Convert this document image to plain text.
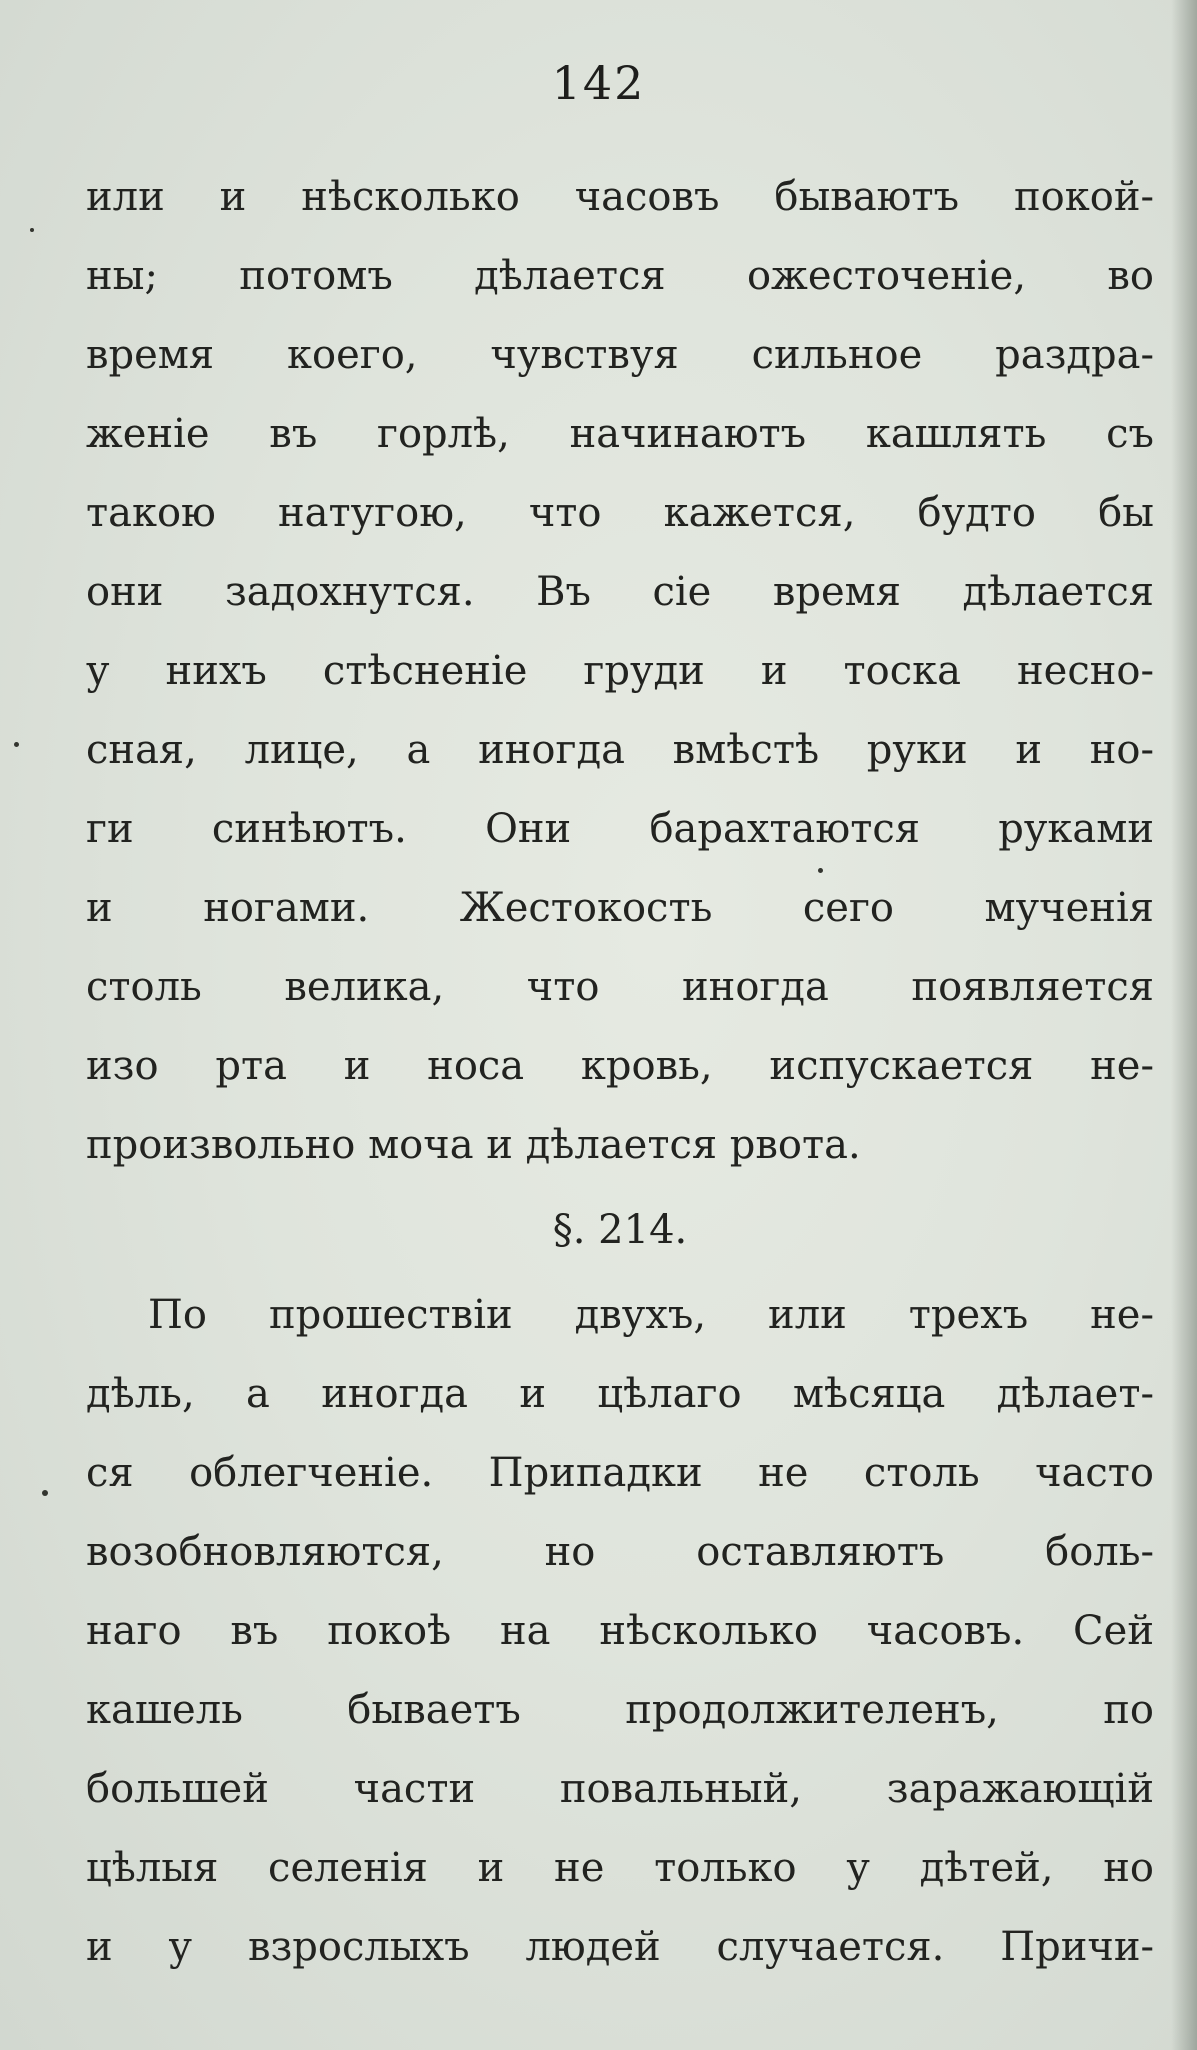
142
или и нѣсколько часовъ бываютъ покой-
ны; потомъ дѣлается ожесточенiе, во
время коего, чувствуя сильное раздра-
женiе въ горлѣ, начинаютъ кашлять съ
такою натугою, что кажется, будто бы
они задохнутся. Въ сiе время дѣлается
у нихъ стѣсненiе груди и тоска несно-
сная, лице, а иногда вмѣстѣ руки и но-
ги синѣютъ. Они барахтаются руками
и ногами. Жестокость сего мученiя
столь велика, что иногда появляется
изо рта и носа кровь, испускается не-
произвольно моча и дѣлается рвота.
§. 214.
По прошествiи двухъ, или трехъ не-
дѣль, а иногда и цѣлаго мѣсяца дѣлает-
ся облегченiе. Припадки не столь часто
возобновляются, но оставляютъ боль-
наго въ покоѣ на нѣсколько часовъ. Сей
кашель бываетъ продолжителенъ, по
большей части повальный, заражающiй
цѣлыя селенiя и не только у дѣтей, но
и у взрослыхъ людей случается. Причи-
